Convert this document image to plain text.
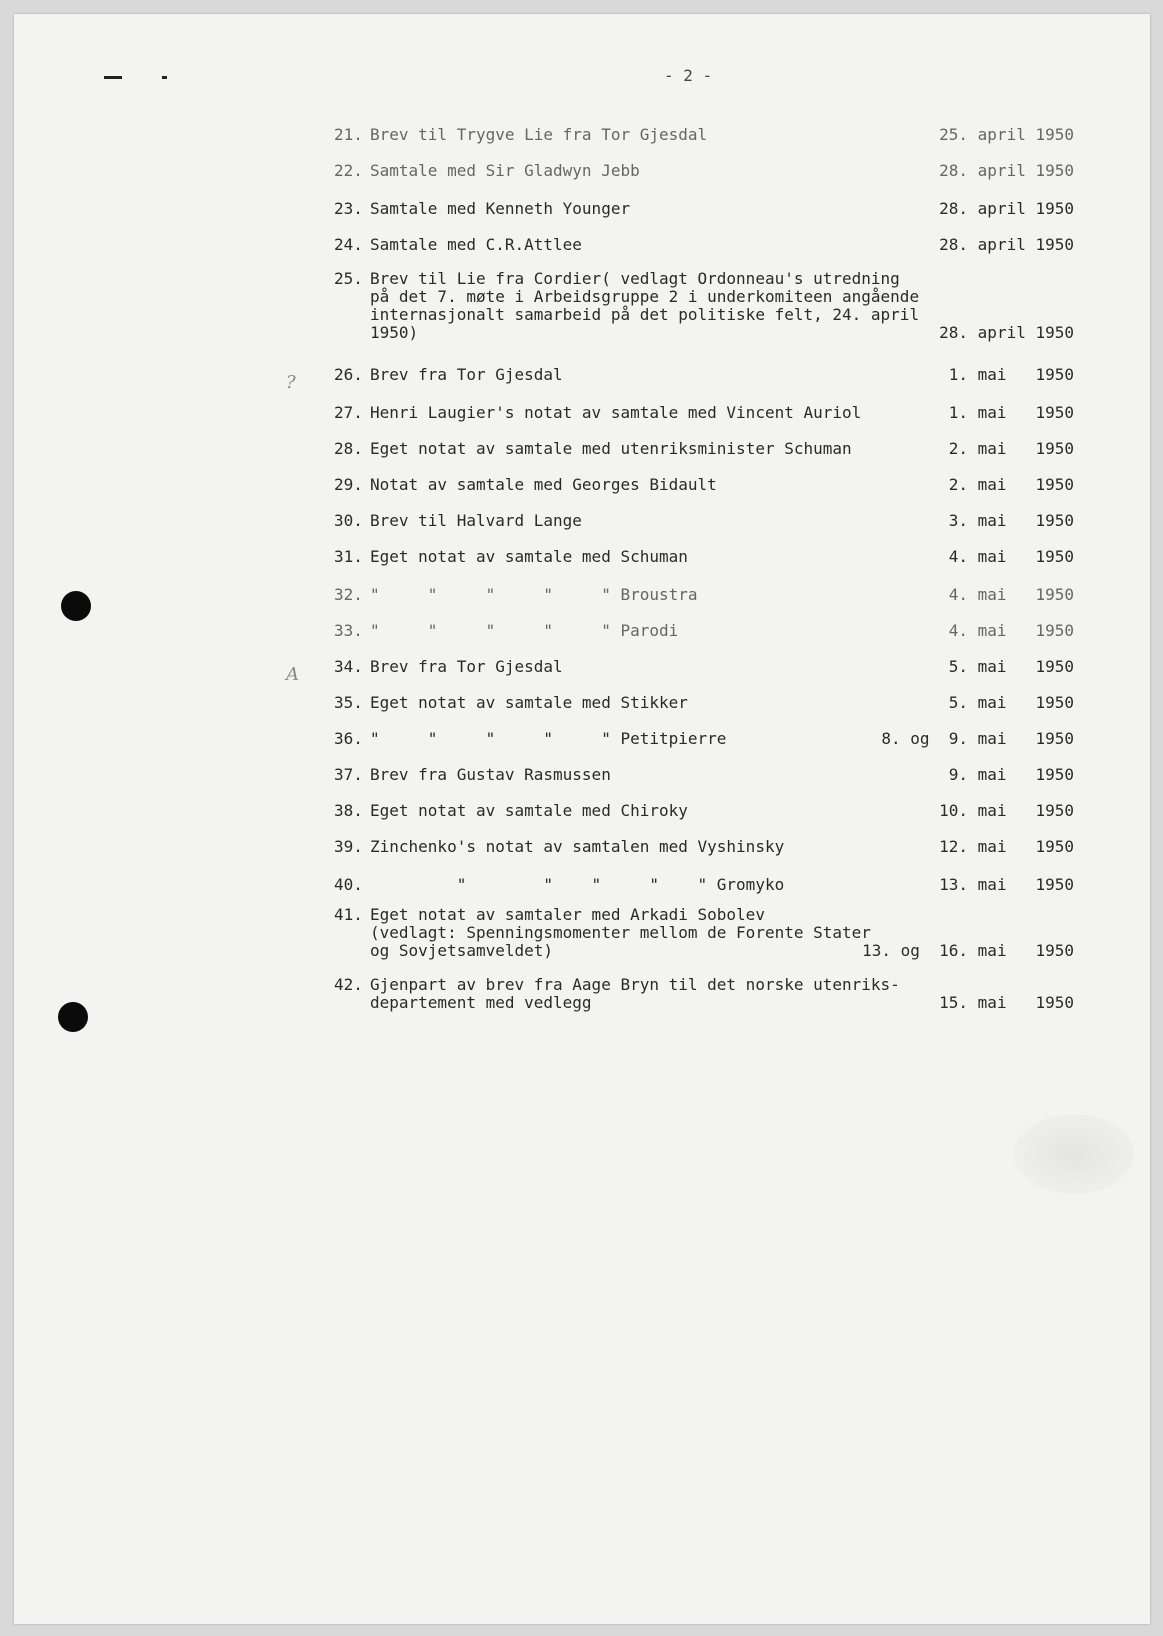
- 2 -
?
A
21. Brev til Trygve Lie fra Tor Gjesdal	25. april 1950
22. Samtale med Sir Gladwyn Jebb	28. april 1950
23. Samtale med Kenneth Younger	28. april 1950
24. Samtale med C.R.Attlee	28. april 1950
25. Brev til Lie fra Cordier( vedlagt Ordonneau's utredning
på det 7. møte i Arbeidsgruppe 2 i underkomiteen angående
internasjonalt samarbeid på det politiske felt, 24. april
1950)	28. april 1950
26. Brev fra Tor Gjesdal	1. mai   1950
27. Henri Laugier's notat av samtale med Vincent Auriol	1. mai   1950
28. Eget notat av samtale med utenriksminister Schuman	2. mai   1950
29. Notat av samtale med Georges Bidault	2. mai   1950
30. Brev til Halvard Lange	3. mai   1950
31. Eget notat av samtale med Schuman	4. mai   1950
32. "     "     "     "     " Broustra	4. mai   1950
33. "     "     "     "     " Parodi	4. mai   1950
34. Brev fra Tor Gjesdal	5. mai   1950
35. Eget notat av samtale med Stikker	5. mai   1950
36. "     "     "     "     " Petitpierre	8. og  9. mai   1950
37. Brev fra Gustav Rasmussen	9. mai   1950
38. Eget notat av samtale med Chiroky	10. mai   1950
39. Zinchenko's notat av samtalen med Vyshinsky	12. mai   1950
40. "        "    "     "    " Gromyko	13. mai   1950
41. Eget notat av samtaler med Arkadi Sobolev
(vedlagt: Spenningsmomenter mellom de Forente Stater
og Sovjetsamveldet)	13. og  16. mai   1950
42. Gjenpart av brev fra Aage Bryn til det norske utenriks-
departement med vedlegg	15. mai   1950
